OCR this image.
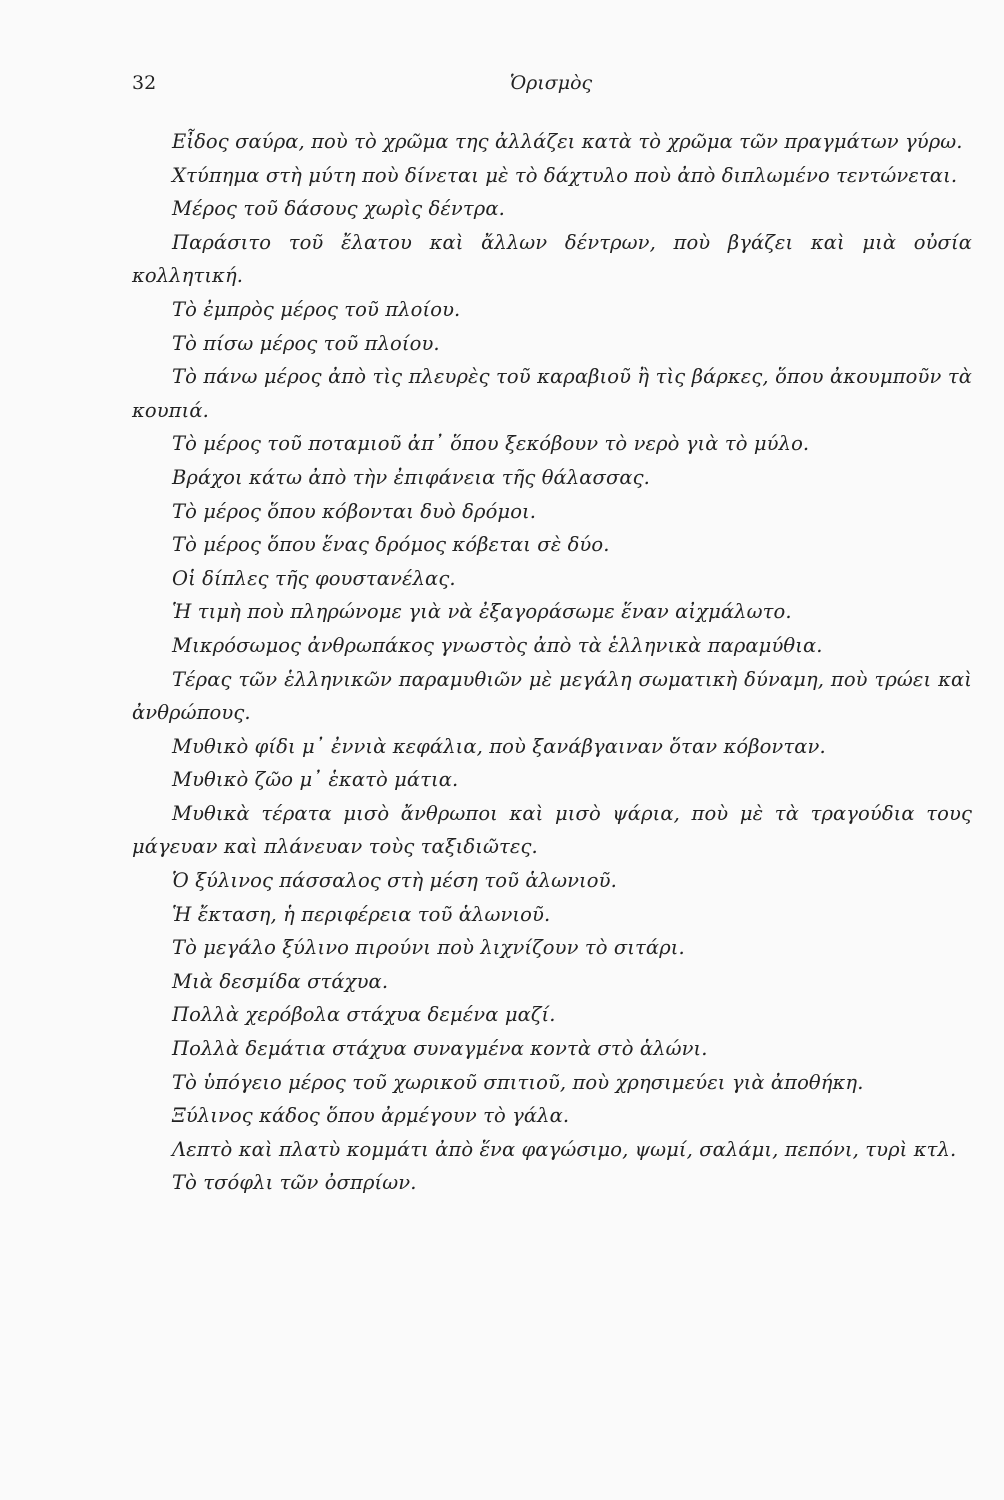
32	Ὁρισμὸς

Εἶδος σαύρα, ποὺ τὸ χρῶμα της ἀλλάζει κατὰ τὸ χρῶμα τῶν πραγμάτων γύρω.

Χτύπημα στὴ μύτη ποὺ δίνεται μὲ τὸ δάχτυλο ποὺ ἀπὸ διπλωμένο τεντώνεται.

Μέρος τοῦ δάσους χωρὶς δέντρα.

Παράσιτο τοῦ ἔλατου καὶ ἄλλων δέντρων, ποὺ βγάζει καὶ μιὰ οὐσία κολλητική.

Τὸ ἐμπρὸς μέρος τοῦ πλοίου.

Τὸ πίσω μέρος τοῦ πλοίου.

Τὸ πάνω μέρος ἀπὸ τὶς πλευρὲς τοῦ καραβιοῦ ἢ τὶς βάρκες, ὅπου ἀκουμποῦν τὰ κουπιά.

Τὸ μέρος τοῦ ποταμιοῦ ἀπ᾽ ὅπου ξεκόβουν τὸ νερὸ γιὰ τὸ μύλο.

Βράχοι κάτω ἀπὸ τὴν ἐπιφάνεια τῆς θάλασσας.

Τὸ μέρος ὅπου κόβονται δυὸ δρόμοι.

Τὸ μέρος ὅπου ἕνας δρόμος κόβεται σὲ δύο.

Οἱ δίπλες τῆς φουστανέλας.

Ἡ τιμὴ ποὺ πληρώνομε γιὰ νὰ ἐξαγοράσωμε ἕναν αἰχμάλωτο.

Μικρόσωμος ἀνθρωπάκος γνωστὸς ἀπὸ τὰ ἑλληνικὰ παραμύθια.

Τέρας τῶν ἑλληνικῶν παραμυθιῶν μὲ μεγάλη σωματικὴ δύναμη, ποὺ τρώει καὶ ἀνθρώπους.

Μυθικὸ φίδι μ᾽ ἐννιὰ κεφάλια, ποὺ ξανάβγαιναν ὅταν κόβονταν.

Μυθικὸ ζῶο μ᾽ ἑκατὸ μάτια.

Μυθικὰ τέρατα μισὸ ἄνθρωποι καὶ μισὸ ψάρια, ποὺ μὲ τὰ τραγούδια τους μάγευαν καὶ πλάνευαν τοὺς ταξιδιῶτες.

Ὁ ξύλινος πάσσαλος στὴ μέση τοῦ ἁλωνιοῦ.

Ἡ ἔκταση, ἡ περιφέρεια τοῦ ἁλωνιοῦ.

Τὸ μεγάλο ξύλινο πιρούνι ποὺ λιχνίζουν τὸ σιτάρι.

Μιὰ δεσμίδα στάχυα.

Πολλὰ χερόβολα στάχυα δεμένα μαζί.

Πολλὰ δεμάτια στάχυα συναγμένα κοντὰ στὸ ἁλώνι.

Τὸ ὑπόγειο μέρος τοῦ χωρικοῦ σπιτιοῦ, ποὺ χρησιμεύει γιὰ ἀποθήκη.

Ξύλινος κάδος ὅπου ἀρμέγουν τὸ γάλα.

Λεπτὸ καὶ πλατὺ κομμάτι ἀπὸ ἕνα φαγώσιμο, ψωμί, σαλάμι, πεπόνι, τυρὶ κτλ.

Τὸ τσόφλι τῶν ὀσπρίων.
